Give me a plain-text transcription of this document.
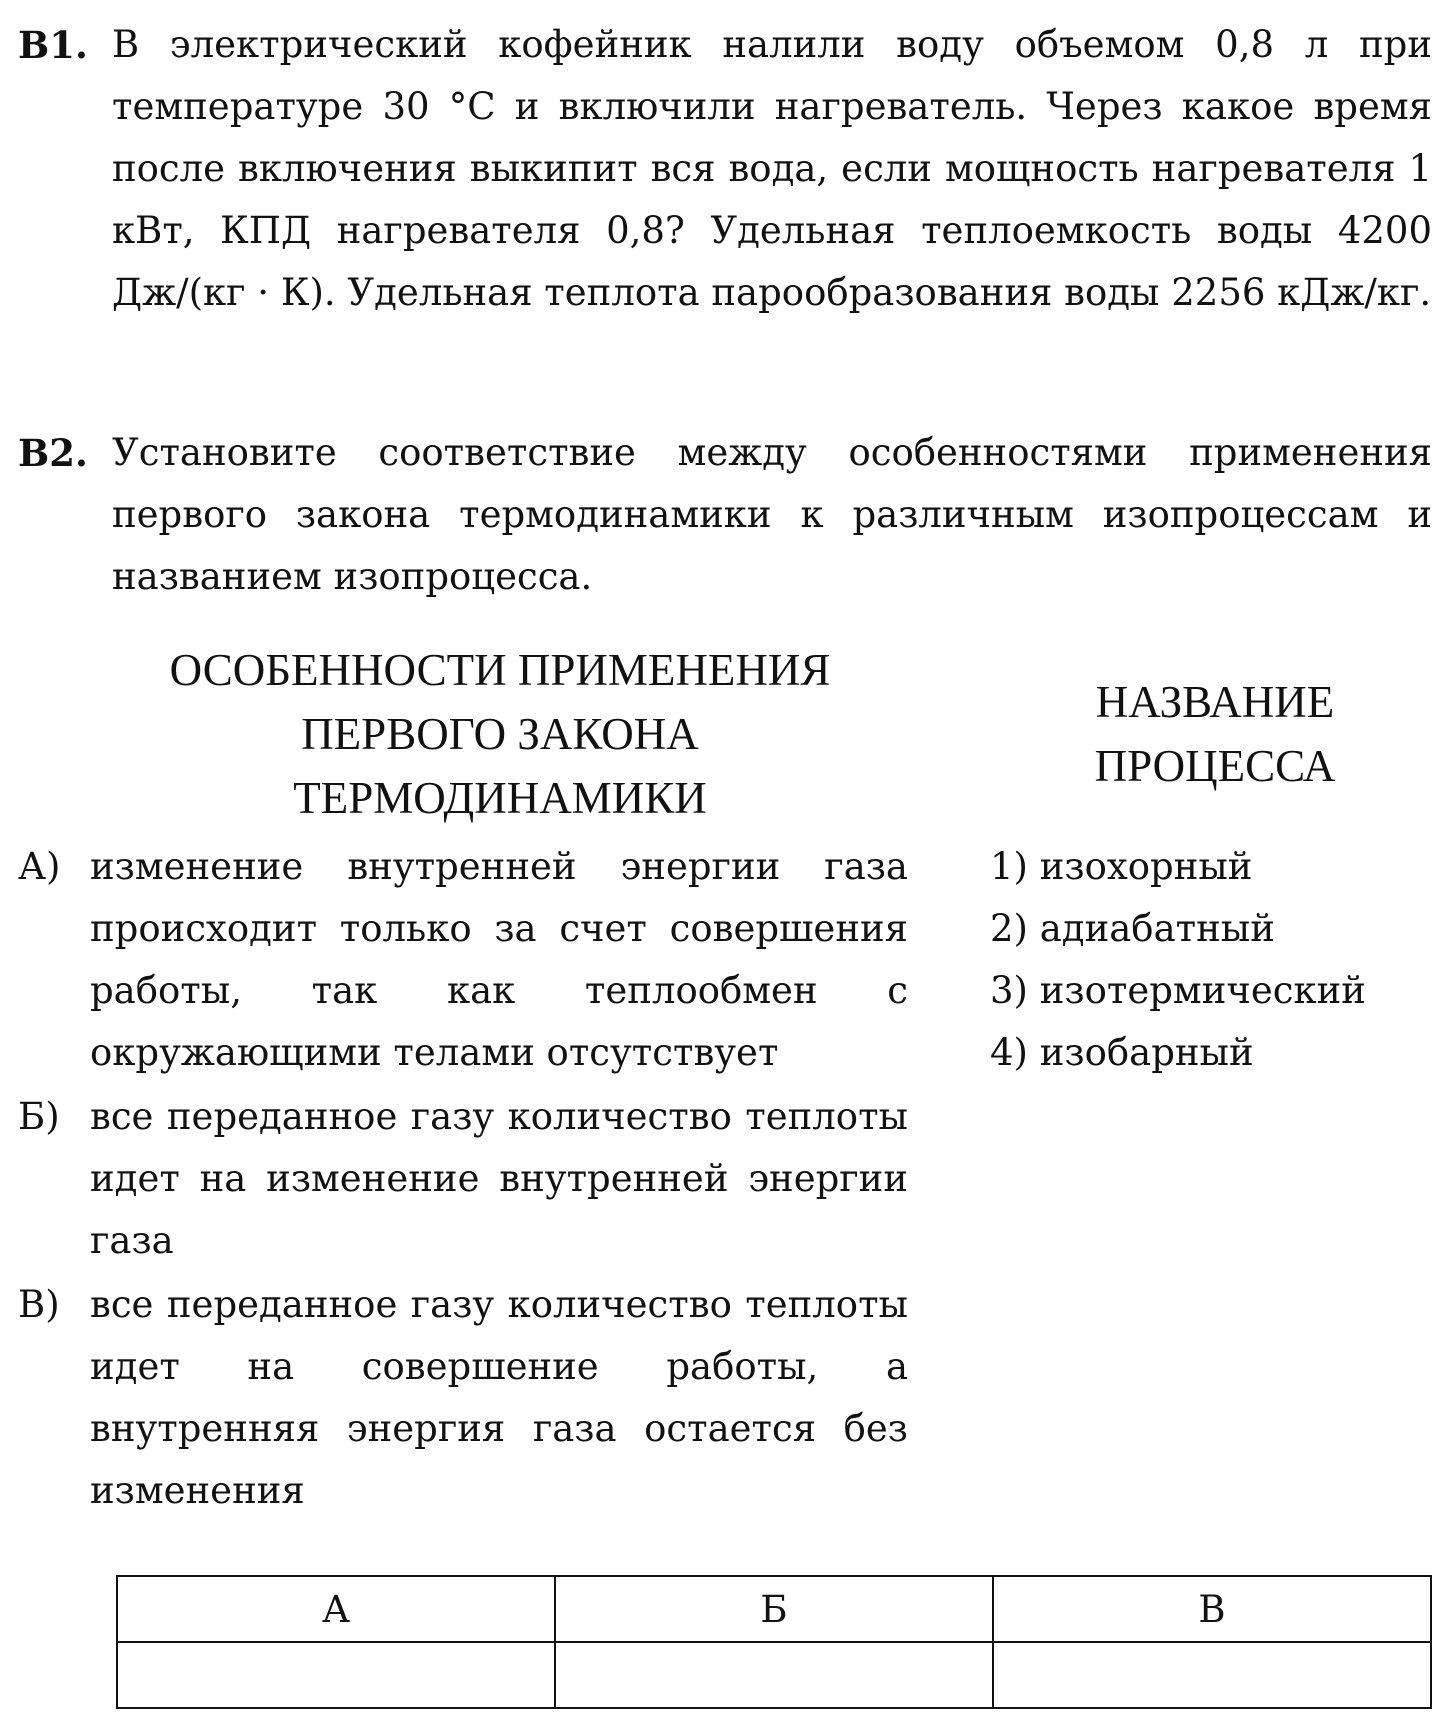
B1. В электрический кофейник налили воду объемом 0,8 л при температуре 30 °С и включили нагреватель. Через какое время после включения выкипит вся вода, если мощность нагревателя 1 кВт, КПД нагревателя 0,8? Удельная теплоемкость воды 4200 Дж/(кг · К). Удельная теплота парообразования воды 2256 кДж/кг.
B2. Установите соответствие между особенностями применения первого закона термодинамики к различным изопроцессам и названием изопроцесса.
ОСОБЕННОСТИ ПРИМЕНЕНИЯ
ПЕРВОГО ЗАКОНА
ТЕРМОДИНАМИКИ
НАЗВАНИЕ
ПРОЦЕССА
А) изменение внутренней энергии газа происходит только за счет совершения работы, так как теплообмен с окружающими телами отсутствует
Б) все переданное газу количество теплоты идет на изменение внутренней энергии газа
В) все переданное газу количество теплоты идет на совершение работы, а внутренняя энергия газа остается без изменения
1) изохорный
2) адиабатный
3) изотермический
4) изобарный
А	Б	В
